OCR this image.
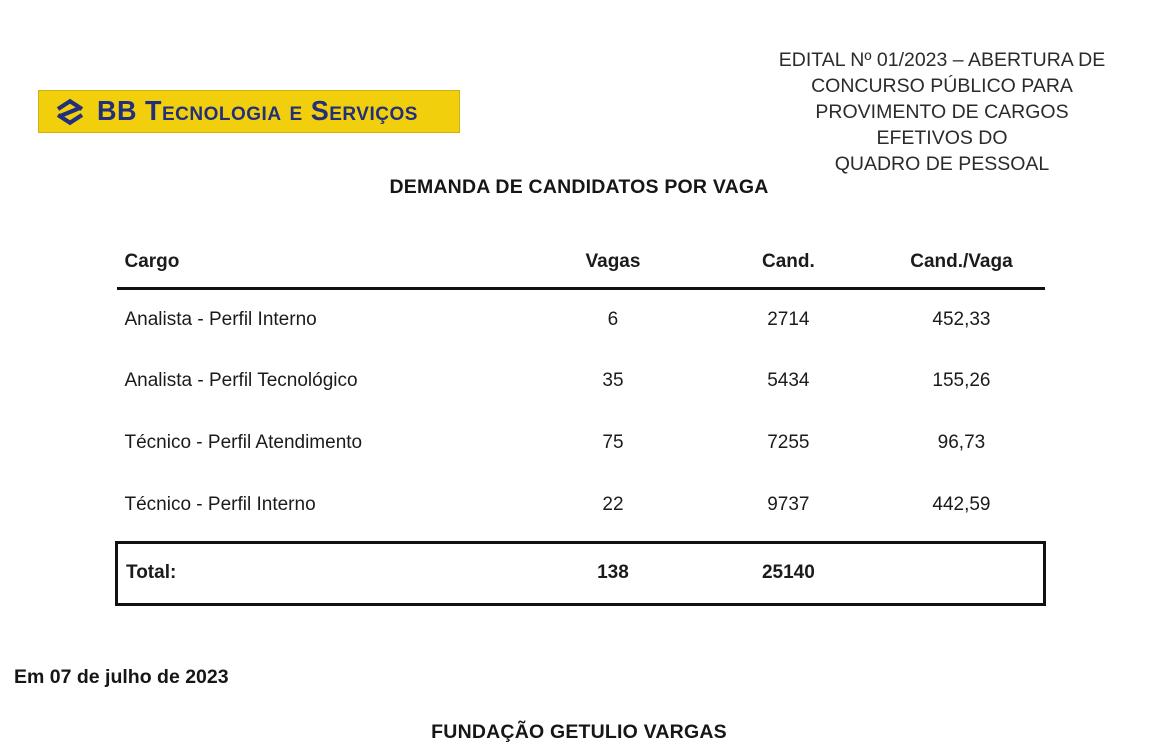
BB Tecnologia e Serviços
EDITAL Nº 01/2023 – ABERTURA DE
CONCURSO PÚBLICO PARA
PROVIMENTO DE CARGOS EFETIVOS DO
QUADRO DE PESSOAL
DEMANDA DE CANDIDATOS POR VAGA
Cargo	Vagas	Cand.	Cand./Vaga
Analista - Perfil Interno	6	2714	452,33
Analista - Perfil Tecnológico	35	5434	155,26
Técnico - Perfil Atendimento	75	7255	96,73
Técnico - Perfil Interno	22	9737	442,59

Total:	138	25140	
Em 07 de julho de 2023
FUNDAÇÃO GETULIO VARGAS
